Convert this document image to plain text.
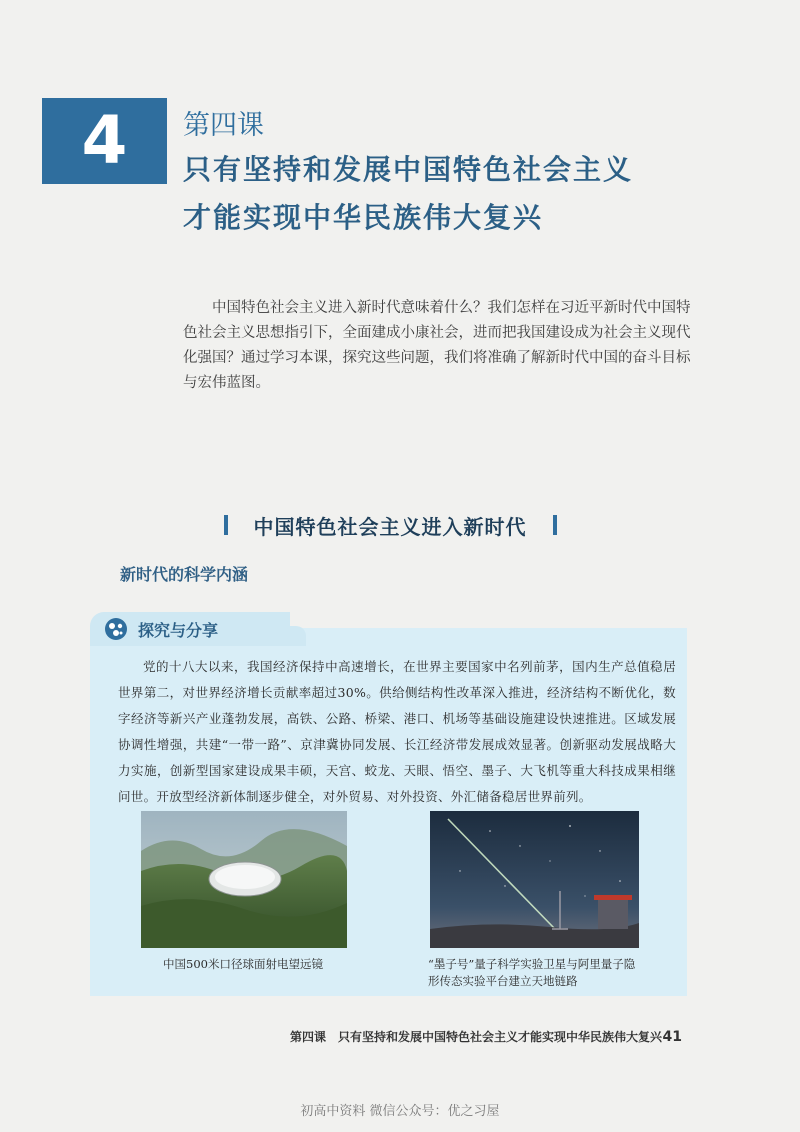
4 第四课
只有坚持和发展中国特色社会主义
才能实现中华民族伟大复兴

中国特色社会主义进入新时代意味着什么？我们怎样在习近平新时代中国特色社会主义思想指引下，全面建成小康社会，进而把我国建设成为社会主义现代化强国？通过学习本课，探究这些问题，我们将准确了解新时代中国的奋斗目标与宏伟蓝图。

中国特色社会主义进入新时代
新时代的科学内涵
探究与分享

党的十八大以来，我国经济保持中高速增长，在世界主要国家中名列前茅，国内生产总值稳居世界第二，对世界经济增长贡献率超过30%。供给侧结构性改革深入推进，经济结构不断优化，数字经济等新兴产业蓬勃发展，高铁、公路、桥梁、港口、机场等基础设施建设快速推进。区域发展协调性增强，共建“一带一路”、京津冀协同发展、长江经济带发展成效显著。创新驱动发展战略大力实施，创新型国家建设成果丰硕，天宫、蛟龙、天眼、悟空、墨子、大飞机等重大科技成果相继问世。开放型经济新体制逐步健全，对外贸易、对外投资、外汇储备稳居世界前列。

中国500米口径球面射电望远镜	“墨子号”量子科学实验卫星与阿里量子隐形传态实验平台建立天地链路
第四课　只有坚持和发展中国特色社会主义才能实现中华民族伟大复兴 41
初高中资料 微信公众号：优之习屋
